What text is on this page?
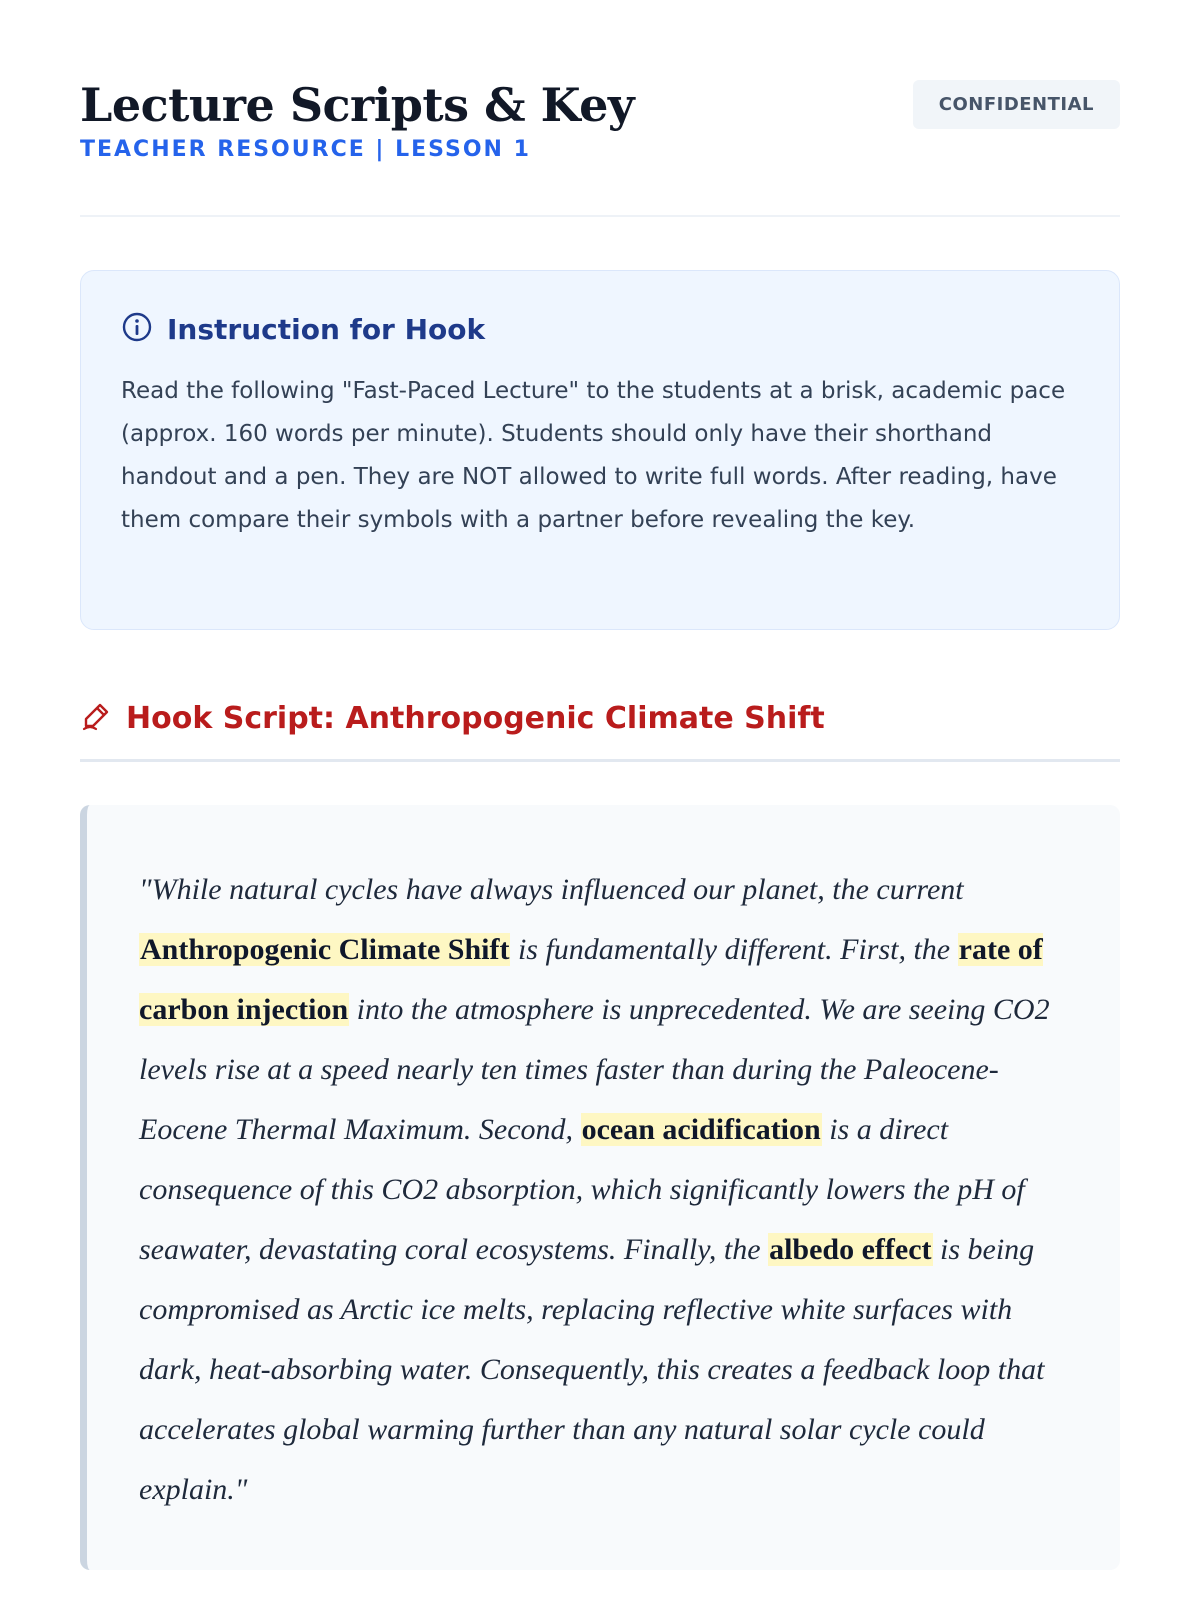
Lecture Scripts & Key
TEACHER RESOURCE | LESSON 1
CONFIDENTIAL
Instruction for Hook
Read the following "Fast-Paced Lecture" to the students at a brisk, academic pace (approx. 160 words per minute). Students should only have their shorthand handout and a pen. They are NOT allowed to write full words. After reading, have them compare their symbols with a partner before revealing the key.
Hook Script: Anthropogenic Climate Shift
"While natural cycles have always influenced our planet, the current Anthropogenic Climate Shift is fundamentally different. First, the rate of carbon injection into the atmosphere is unprecedented. We are seeing CO2 levels rise at a speed nearly ten times faster than during the Paleocene-Eocene Thermal Maximum. Second, ocean acidification is a direct consequence of this CO2 absorption, which significantly lowers the pH of seawater, devastating coral ecosystems. Finally, the albedo effect is being compromised as Arctic ice melts, replacing reflective white surfaces with dark, heat-absorbing water. Consequently, this creates a feedback loop that accelerates global warming further than any natural solar cycle could explain."
